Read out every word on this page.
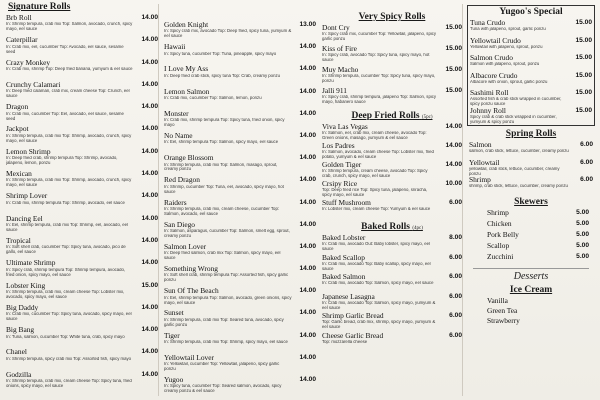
Signature Rolls
Brb Roll	14.00
In: Shrimp tempura, crab mix Top: Salmon, avocado, crunch, spicy mayo, eel sauce
Caterpillar	14.00
In: Crab mix, eel, cucumber Top: Avocado, eel sauce, sesame seed
Crazy Monkey	14.00
In: Crab mix, shrimp Top: Deep fried banana, yumyum & eel sauce
Crunchy Calamari	14.00
In: Deep fried calamari, crab mix, cream cheese Top: Crunch, eel sauce
Dragon	14.00
In: Crab mix, cucumber Top: Eel, avocado, eel sauce, sesame seed
Jackpot	14.00
In: Shrimp tempura, crab mix Top: Shrimp, avocado, crunch, spicy mayo, eel sauce
Lemon Shrimp	14.00
In: Deep fried crab, shrimp tempura Top: Shrimp, avocado, jalapeno, lemon, ponzu
Mexican	14.00
In: Shrimp tempura, crab mix Top: Shrimp, avocado, crunch, spicy mayo, eel sauce
Shrimp Lover	14.00
In: Crab mix, shrimp tempura Top: Shrimp, avocado, eel sauce
Dancing Eel	14.00
In: Eel, shrimp tempura, crab mix Top: Shrimp, eel, avocado, eel sauce
Tropical	14.00
In: Soft shell crab, cucumber Top: Spicy tuna, avocado, pico de gallo, eel sauce
Ultimate Shrimp	14.00
In: Spicy crab, shrimp tempura Top: Shrimp tempura, avocado, fried onion, spicy mayo, eel sauce
Lobster King	15.00
In: Shrimp tempura, crab mix, cream cheese Top: Lobster mix, avocado, spicy mayo, eel sauce
Big Daddy	14.00
In: Crab mix, cucumber Top: Spicy tuna, avocado, spicy mayo, eel sauce
Big Bang	14.00
In: Tuna, salmon, cucumber Top: White tuna, crab, spicy mayo
Chanel	14.00
In: Shrimp tempura, spicy crab mix Top: Assorted fish, spicy mayo
Godzilla	14.00
In: Shrimp tempura, crab mix, cream cheese Top: Spicy tuna, fried onions, spicy mayo, eel sauce
Golden Knight	13.00
In: Spicy crab mix, avocado Top: Deep fried, spicy tuna, yumyum & eel sauce
Hawaii	14.00
In: Spicy tuna, cucumber Top: Tuna, pineapple, spicy mayo
I Love My Ass	14.00
In: Deep fried crab stick, spicy tuna Top: Crab, creamy ponzu
Lemon Salmon	14.00
In: Crab mix, cucumber Top: Salmon, lemon, ponzu
Monster	14.00
In: Crab mix, shrimp tempura Top: Spicy tuna, fried onion, spicy mayo
No Name	14.00
In: Eel, shrimp tempura Top: Salmon, spicy mayo, eel sauce
Orange Blossom	14.00
In: Shrimp tempura, crab mix Top: Salmon, masago, sprout, creamy ponzu
Red Dragon	14.00
In: Shrimp, cucumber Top: Tuna, eel, avocado, spicy mayo, hot sauce
Raiders	14.00
In: Shrimp tempura, crab mix, cream cheese, cucumber Top: Salmon, avocado, eel sauce
San Diego	14.00
In: Salmon, asparagus, cucumber Top: Salmon, smelt egg, sprout, creamy ponzu
Salmon Lover	14.00
In: Deep fried salmon, crab mix Top: Salmon, spicy mayo, eel sauce
Something Wrong	14.00
In: Soft shell crab, shrimp tempura Top: Assorted fish, spicy garlic ponzu
Sun Of The Beach	14.00
In: Eel, shrimp tempura Top: Salmon, avocado, green onions, spicy mayo, eel sauce
Sunset	14.00
In: Shrimp tempura, crab mix Top: Seared tuna, avocado, spicy garlic ponzu
Tiger	14.00
In: Shrimp tempura, crab mix Top: Shrimp, spicy mayo, eel sauce
Yellowtail Lover	14.00
In: Yellowtail, cucumber Top: Yellowtail, jalapeno, spicy garlic ponzu
Yugoo	14.00
In: Spicy tuna, cucumber Top: Seared salmon, avocado, spicy creamy ponzu & eel sauce
Very Spicy Rolls
Dont Cry	15.00
In: Spicy crab mix, cucumber Top: Yellowtail, jalapeno, spicy garlic ponzu
Kiss of Fire	15.00
In: Spicy crab, avocado Top: Spicy tuna, spicy mayo, hot sauce
Muy Macho	15.00
In: Shrimp tempura, cucumber Top: Spicy tuna, spicy mayo, ponzu
Jalli 911	15.00
In: Spicy crab, shrimp tempura, jalapeno Top: Salmon, spicy mayo, habanero sauce
Deep Fried Rolls (5pc)
Viva Las Vegas	14.00
In: Salmon, eel, crab mix, cream cheese, avocado Top: Green onions, masago, yumyum & eel sauce
Los Padres	14.00
In: Salmon, avocado, cream cheese Top: Lobster mix, fried potato, yumyum & eel sauce
Golden Tiger	14.00
In: Shrimp tempura, cream cheese, avocado Top: Spicy crab, crunch, spicy mayo, eel sauce
Crsipy Rice	10.00
Top: Deep fried rice Top: Spicy tuna, jalapeno, sriracha, spicy mayo, eel sauce
Stuff Mushroom	6.00
In: Lobster mix, cream cheese Top: Yumyum & eel sauce
Baked Rolls (4pc)
Baked Lobster	8.00
In: Crab mix, avocado Out: Baby lobster, spicy mayo, eel sauce
Baked Scallop	6.00
In: Crab mix, avocado Top: Baby scallop, spicy mayo, eel sauce
Baked Salmon	6.00
In: Crab mix, avocado Top: Salmon, spicy mayo, eel sauce
Japanese Lasagna	6.00
In: Crab mix, avocado Top: Salmon, spicy mayo, yumyum & eel sauce
Shrimp Garlic Bread	6.00
Top: Garlic bread, crab mix, shrimp, spicy mayo, yumyum & eel sauce
Cheese Garlic Bread	6.00
Top: mozzarella cheese
Yugoo's Special
Tuna Crudo	15.00
Tuna with jalapeno, sprout, garlic ponzu
Yellowtail Crudo	15.00
Yellowtail with jalapeno, sprout, ponzu
Salmon Crudo	15.00
Salmon with jalapeno, sprout, ponzu
Albacore Crudo	15.00
Albacore with onion, sprout, garlic ponzu
Sashimi Roll	15.00
Assorted fish & crab stick wrapped in cucumber, spicy ponzu sauce
Johnny Roll	15.00
Spicy crab & crab stick wrapped in cucumber, yumyum & spicy ponzu
Spring Rolls
Salmon	6.00
salmon, crab stick, lettuce, cucumber, creamy ponzu
Yellowtail	6.00
yellowtail, crab stick, lettuce, cucumber, creamy ponzu
Shrimp	6.00
shrimp, crab stick, lettuce, cucumber, creamy ponzu
Skewers
Shrimp	5.00
Chicken	5.00
Pork Belly	5.00
Scallop	5.00
Zucchini	5.00
Desserts
Ice Cream
Vanilla
Green Tea
Strawberry
